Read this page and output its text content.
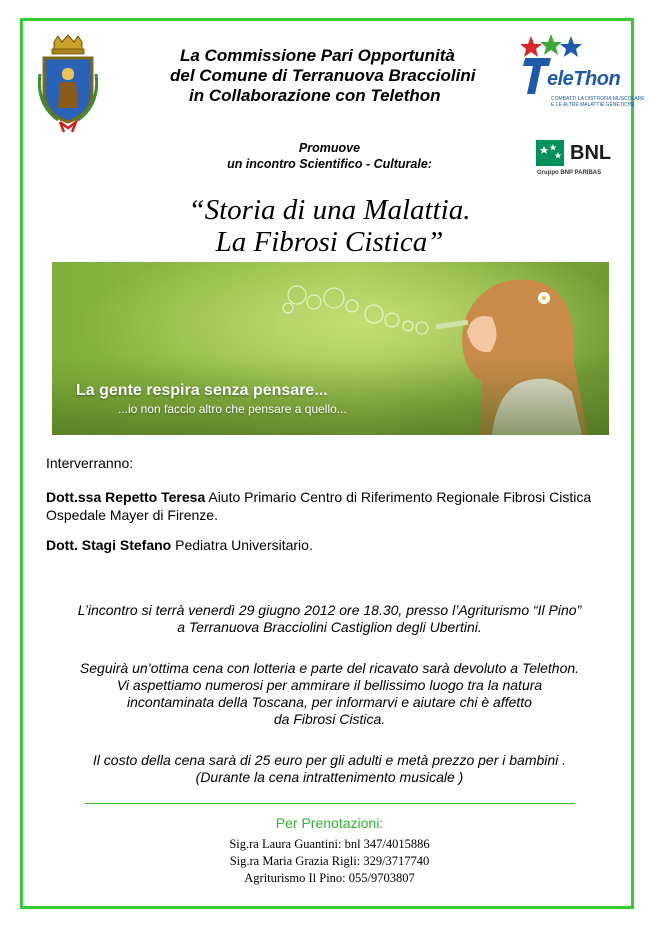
La Commissione Pari Opportunità
del Comune di Terranuova Bracciolini
in Collaborazione con Telethon
eleThon
COMBATTI LA DISTROFIA MUSCOLARE
E LE ALTRE MALATTIE GENETICHE
BNL
Gruppo BNP PARIBAS
Promuove
un incontro Scientifico - Culturale:
“Storia di una Malattia.
La Fibrosi Cistica”
La gente respira senza pensare...
...io non faccio altro che pensare a quello...
Interverranno:
Dott.ssa Repetto Teresa Aiuto Primario Centro di Riferimento Regionale Fibrosi Cistica Ospedale Mayer di Firenze.
Dott. Stagi Stefano Pediatra Universitario.
L’incontro si terrà venerdì 29 giugno 2012 ore 18.30, presso l’Agriturismo “Il Pino”
a Terranuova Bracciolini Castiglion degli Ubertini.
Seguirà un’ottima cena con lotteria e parte del ricavato sarà devoluto a Telethon.
Vi aspettiamo numerosi per ammirare il bellissimo luogo tra la natura
incontaminata della Toscana, per informarvi e aiutare chi è affetto
da Fibrosi Cistica.
Il costo della cena sarà di 25 euro per gli adulti e metà prezzo per i bambini .
(Durante la cena intrattenimento musicale )
Per Prenotazioni:
Sig.ra Laura Guantini: bnl 347/4015886
Sig.ra Maria Grazia Rigli: 329/3717740
Agriturismo Il Pino: 055/9703807
